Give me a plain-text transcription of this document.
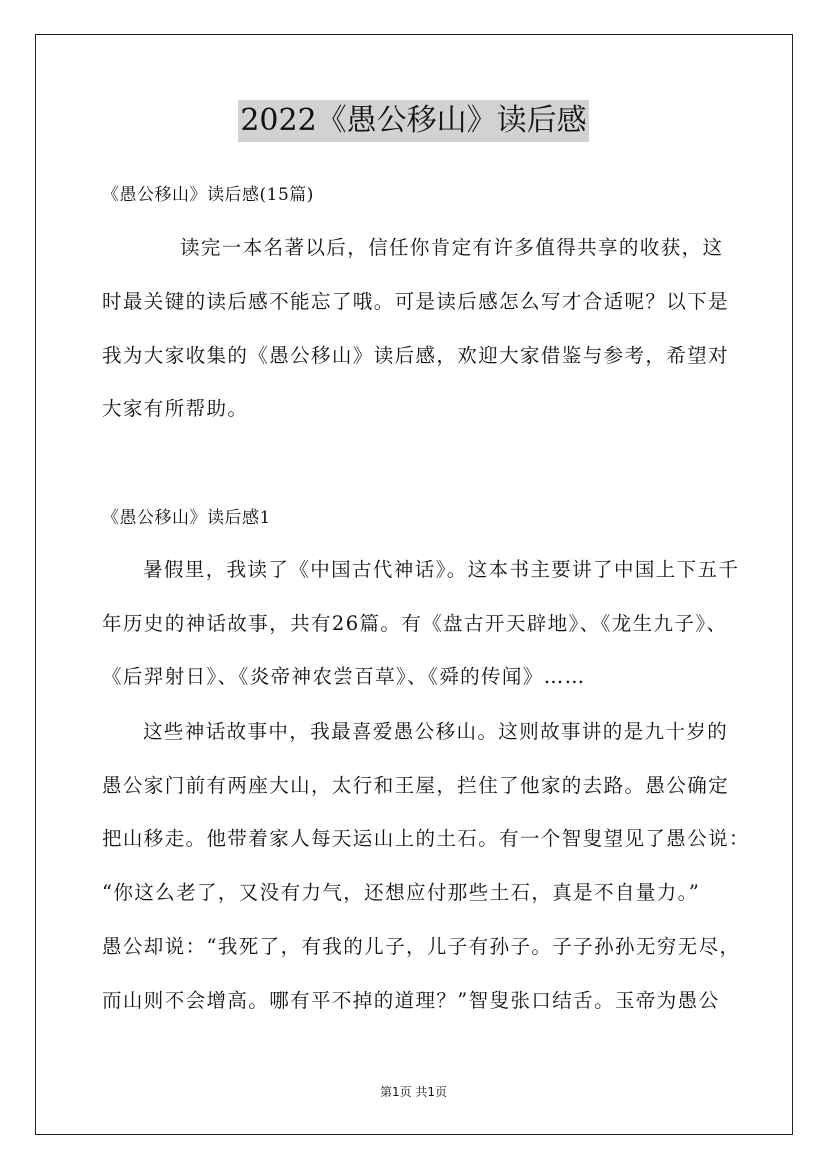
2022《愚公移山》读后感
《愚公移山》读后感(15篇)
读完一本名著以后，信任你肯定有许多值得共享的收获，这
时最关键的读后感不能忘了哦。可是读后感怎么写才合适呢？以下是
我为大家收集的《愚公移山》读后感，欢迎大家借鉴与参考，希望对
大家有所帮助。
《愚公移山》读后感1
暑假里，我读了《中国古代神话》。这本书主要讲了中国上下五千
年历史的神话故事，共有26篇。有《盘古开天辟地》、《龙生九子》、
《后羿射日》、《炎帝神农尝百草》、《舜的传闻》……
这些神话故事中，我最喜爱愚公移山。这则故事讲的是九十岁的
愚公家门前有两座大山，太行和王屋，拦住了他家的去路。愚公确定
把山移走。他带着家人每天运山上的土石。有一个智叟望见了愚公说：
“你这么老了，又没有力气，还想应付那些土石，真是不自量力。”
愚公却说：“我死了，有我的儿子，儿子有孙子。子子孙孙无穷无尽，
而山则不会增高。哪有平不掉的道理？”智叟张口结舌。玉帝为愚公
第1页 共1页
